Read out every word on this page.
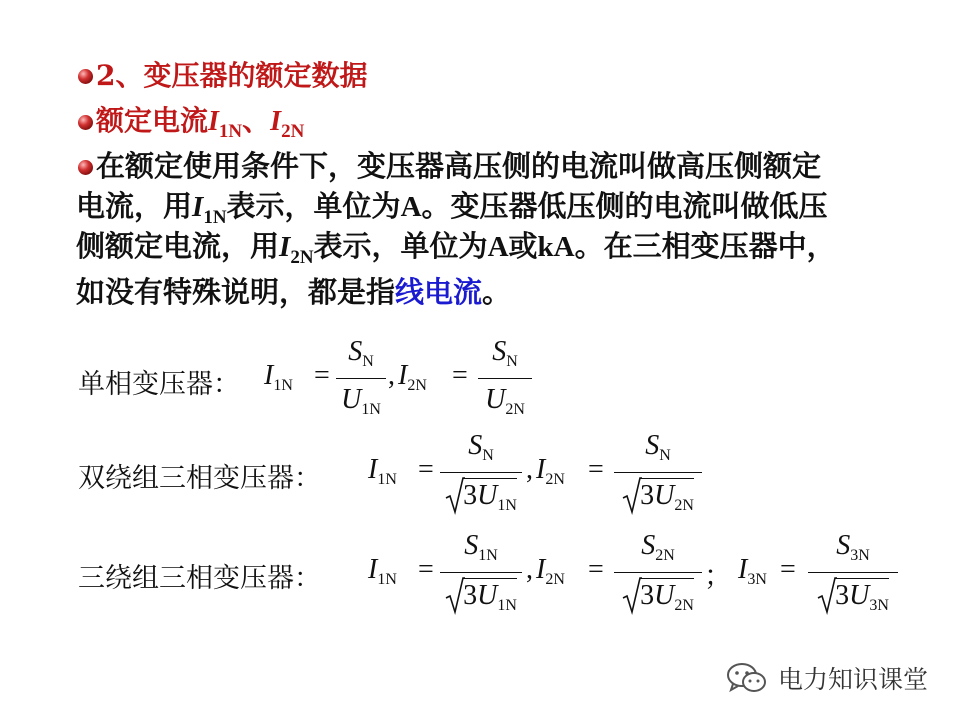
2、变压器的额定数据
额定电流$I_{1N}$、$I_{2N}$
在额定使用条件下，变压器高压侧的电流叫做高压侧额定
电流，用$I_{1N}$表示，单位为A。变压器低压侧的电流叫做低压
侧额定电流，用$I_{2N}$表示，单位为A或kA。在三相变压器中，
如没有特殊说明，都是指线电流。
单相变压器： $I_{1N}$ =
$S_N$
$U_{1N}$
, $I_{2N}$ =
$S_N$
$U_{2N}$
双绕组三相变压器： $I_{1N}$ =
$S_N$
$3U_{1N}$
, $I_{2N}$ =
$S_N$
$3U_{2N}$
三绕组三相变压器： $I_{1N}$ =
$S_{1N}$
$3U_{1N}$
, $I_{2N}$ =
$S_{2N}$
$3U_{2N}$
； $I_{3N}$ =
$S_{3N}$
$3U_{3N}$
电力知识课堂
